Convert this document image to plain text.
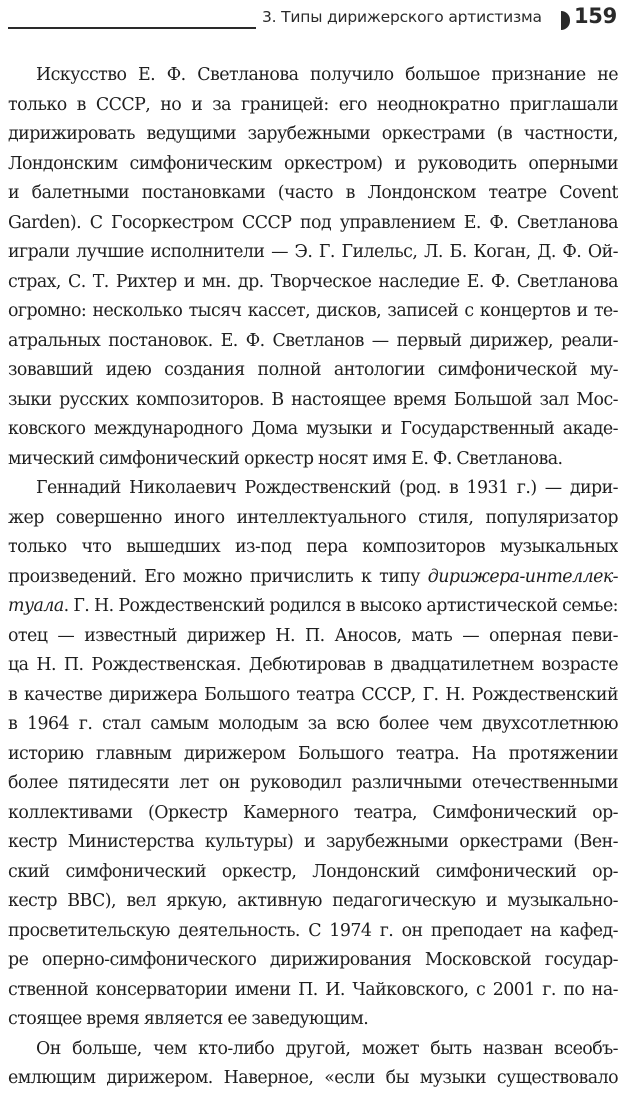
3. Типы дирижерского артистизма 159
Искусство Е. Ф. Светланова получило большое признание не
только в СССР, но и за границей: его неоднократно приглашали
дирижировать ведущими зарубежными оркестрами (в частности,
Лондонским симфоническим оркестром) и руководить оперными
и балетными постановками (часто в Лондонском театре Covent
Garden). С Госоркестром СССР под управлением Е. Ф. Светланова
играли лучшие исполнители — Э. Г. Гилельс, Л. Б. Коган, Д. Ф. Ой-
страх, С. Т. Рихтер и мн. др. Творческое наследие Е. Ф. Светланова
огромно: несколько тысяч кассет, дисков, записей с концертов и те-
атральных постановок. Е. Ф. Светланов — первый дирижер, реали-
зовавший идею создания полной антологии симфонической му-
зыки русских композиторов. В настоящее время Большой зал Мос-
ковского международного Дома музыки и Государственный акаде-
мический симфонический оркестр носят имя Е. Ф. Светланова.
Геннадий Николаевич Рождественский (род. в 1931 г.) — дири-
жер совершенно иного интеллектуального стиля, популяризатор
только что вышедших из-под пера композиторов музыкальных
произведений. Его можно причислить к типу дирижера-интеллек-
туала. Г. Н. Рождественский родился в высоко артистической семье:
отец — известный дирижер Н. П. Аносов, мать — оперная певи-
ца Н. П. Рождественская. Дебютировав в двадцатилетнем возрасте
в качестве дирижера Большого театра СССР, Г. Н. Рождественский
в 1964 г. стал самым молодым за всю более чем двухсотлетнюю
историю главным дирижером Большого театра. На протяжении
более пятидесяти лет он руководил различными отечественными
коллективами (Оркестр Камерного театра, Симфонический ор-
кестр Министерства культуры) и зарубежными оркестрами (Вен-
ский симфонический оркестр, Лондонский симфонический ор-
кестр BBC), вел яркую, активную педагогическую и музыкально-
просветительскую деятельность. С 1974 г. он преподает на кафед-
ре оперно-симфонического дирижирования Московской государ-
ственной консерватории имени П. И. Чайковского, с 2001 г. по на-
стоящее время является ее заведующим.
Он больше, чем кто-либо другой, может быть назван всеобъ-
емлющим дирижером. Наверное, «если бы музыки существовало
